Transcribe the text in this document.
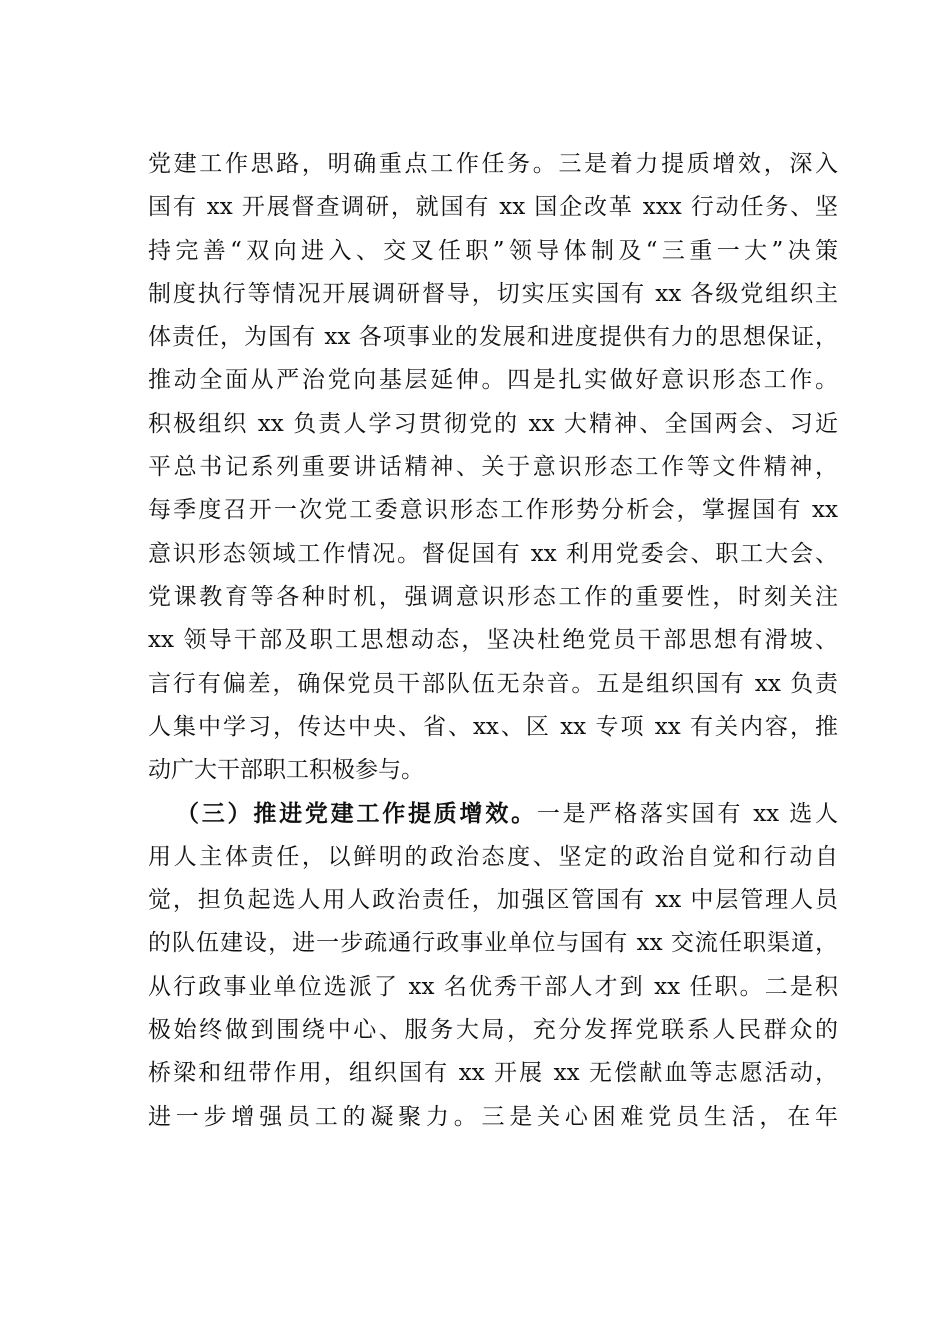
党建工作思路，明确重点工作任务。三是着力提质增效，深入
国有 xx 开展督查调研，就国有 xx 国企改革 xxx 行动任务、坚
持完善“双向进入、交叉任职”领导体制及“三重一大”决策
制度执行等情况开展调研督导，切实压实国有 xx 各级党组织主
体责任，为国有 xx 各项事业的发展和进度提供有力的思想保证，
推动全面从严治党向基层延伸。四是扎实做好意识形态工作。
积极组织 xx 负责人学习贯彻党的 xx 大精神、全国两会、习近
平总书记系列重要讲话精神、关于意识形态工作等文件精神，
每季度召开一次党工委意识形态工作形势分析会，掌握国有 xx
意识形态领域工作情况。督促国有 xx 利用党委会、职工大会、
党课教育等各种时机，强调意识形态工作的重要性，时刻关注
xx 领导干部及职工思想动态，坚决杜绝党员干部思想有滑坡、
言行有偏差，确保党员干部队伍无杂音。五是组织国有 xx 负责
人集中学习，传达中央、省、xx、区 xx 专项 xx 有关内容，推
动广大干部职工积极参与。
（三）推进党建工作提质增效。一是严格落实国有 xx 选人
用人主体责任，以鲜明的政治态度、坚定的政治自觉和行动自
觉，担负起选人用人政治责任，加强区管国有 xx 中层管理人员
的队伍建设，进一步疏通行政事业单位与国有 xx 交流任职渠道，
从行政事业单位选派了 xx 名优秀干部人才到 xx 任职。二是积
极始终做到围绕中心、服务大局，充分发挥党联系人民群众的
桥梁和纽带作用，组织国有 xx 开展 xx 无偿献血等志愿活动，
进一步增强员工的凝聚力。三是关心困难党员生活，在年
